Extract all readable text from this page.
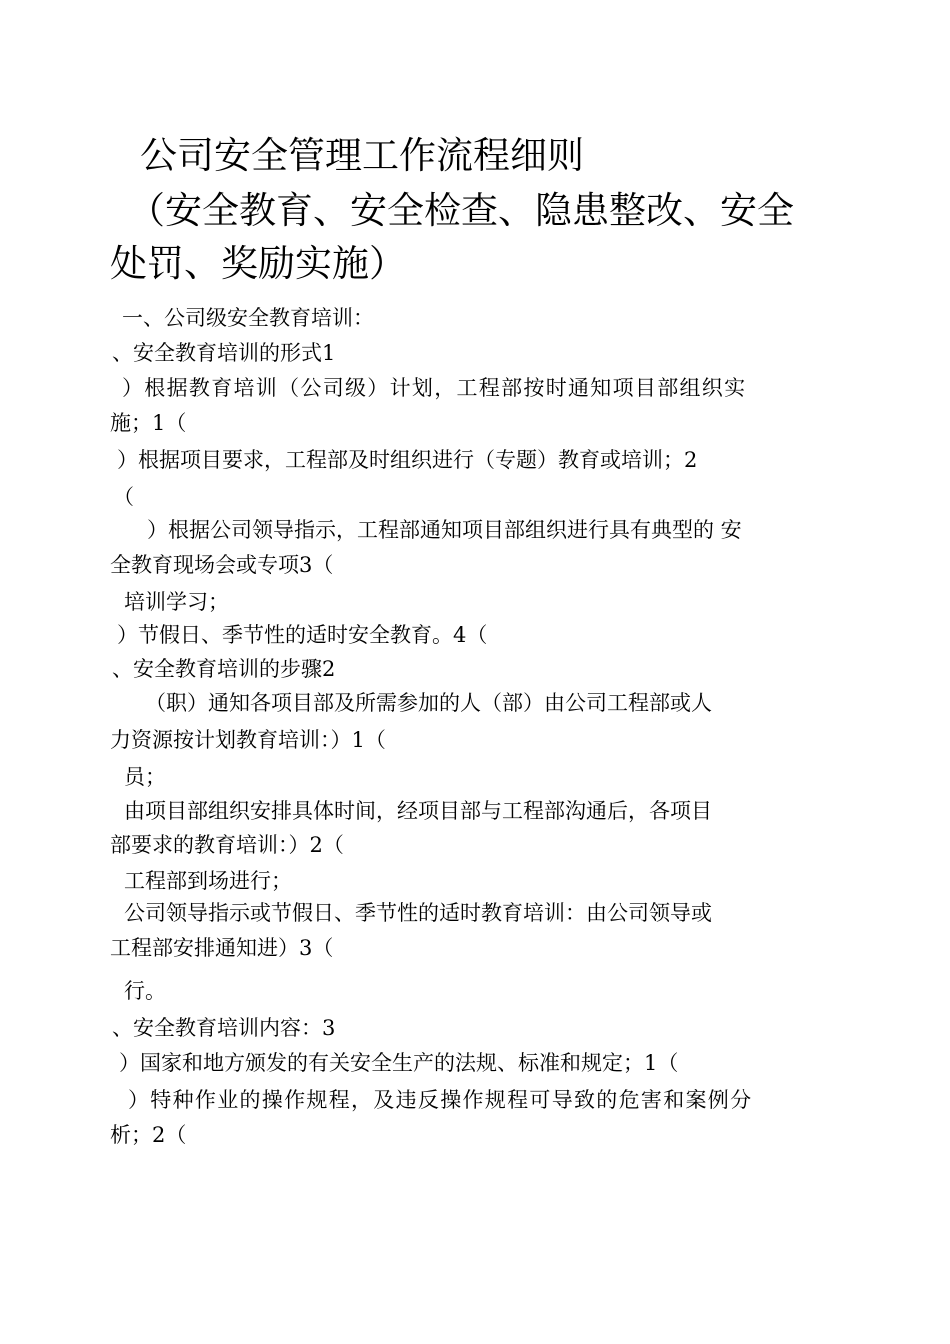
公司安全管理工作流程细则
（安全教育、安全检查、隐患整改、安全
处罚、奖励实施）
一、公司级安全教育培训：
、安全教育培训的形式1
）根据教育培训（公司级）计划，工程部按时通知项目部组织实
施；1（
）根据项目要求，工程部及时组织进行（专题）教育或培训；2
（
）根据公司领导指示，工程部通知项目部组织进行具有典型的 安
全教育现场会或专项3（
培训学习；
）节假日、季节性的适时安全教育。4（
、安全教育培训的步骤2
（职）通知各项目部及所需参加的人（部）由公司工程部或人
力资源按计划教育培训：）1（
员；
由项目部组织安排具体时间，经项目部与工程部沟通后，各项目
部要求的教育培训：）2（
工程部到场进行；
公司领导指示或节假日、季节性的适时教育培训：由公司领导或
工程部安排通知进）3（
行。
、安全教育培训内容：3
）国家和地方颁发的有关安全生产的法规、标准和规定；1（
）特种作业的操作规程，及违反操作规程可导致的危害和案例分
析；2（
